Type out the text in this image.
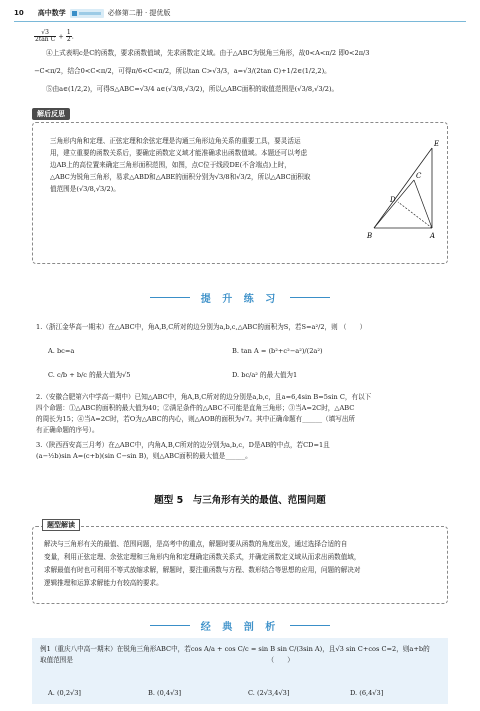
10 高中数学	必修第二册 · 提优版
$\frac{√3}{\text{2tan C}} + \frac{1}{2}$ .
④上式表明c是C的函数，要求函数值域，先求函数定义域。由于△ABC为锐角三角形，故0<A<π/2 即0<2π/3
−C<π/2，结合0<C<π/2，可得π/6<C<π/2，所以tan C>√3/3，a=√3/(2tan C)+1/2∈(1/2,2)。
⑤由a∈(1/2,2)，可得S△ABC=√3/4 a∈(√3/8,√3/2)，所以△ABC面积的取值范围是(√3/8,√3/2)。
解后反思
三角形内角和定理、正弦定理和余弦定理是沟通三角形边角关系的重要工具，要灵活运
用，建立重要的函数关系后，要确定函数定义域才能准确求出函数值域。本题还可以考虑
边AB上的高位置来确定三角形面积范围，如图，点C位于线段DE(不含端点)上时，
△ABC为锐角三角形，易求△ABD和△ABE的面积分别为√3/8和√3/2，所以△ABC面积取
值范围是(√3/8,√3/2)。
E
C
D
B	A
提 升 练 习
1.（浙江金华高一期末）在△ABC中，角A,B,C所对的边分别为a,b,c,△ABC的面积为S，若S=a²/2，则 （　　）
A. bc=a	B. tan A = (b²+c²−a²)/(2a²)
C. c/b + b/c 的最大值为√5	D. bc/a² 的最大值为1
2.（安徽合肥第六中学高一期中）已知△ABC中，角A,B,C所对的边分别是a,b,c，且a=6,4sin B=5sin C，有以下
四个命题：①△ABC的面积的最大值为40；②满足条件的△ABC不可能是直角三角形；③当A=2C时，△ABC
的周长为15；④当A=2C时，若O为△ABC的内心，则△AOB的面积为√7。其中正确命题有______（填写出所
有正确命题的序号）。
3.（陕西西安高三月考）在△ABC中，内角A,B,C所对的边分别为a,b,c，D是AB的中点，若CD=1且
(a−½b)sin A=(c+b)(sin C−sin B)，则△ABC面积的最大值是______。
题型 5　与三角形有关的最值、范围问题
题型解读
解决与三角形有关的最值、范围问题，是高考中的重点，解题时要从函数的角度出发，通过选择合适的自
变量，利用正弦定理、余弦定理和三角形内角和定理确定函数关系式，并确定函数定义域从而求出函数值域，
求解最值有时也可利用不等式放缩求解，解题时，要注重函数与方程、数形结合等思想的应用，问题的解决对
逻辑推理和运算求解能力有较高的要求。
经 典 剖 析
例1（重庆八中高一期末）在锐角三角形ABC中，若cos A/a + cos C/c = sin B sin C/(3sin A)，且√3 sin C+cos C=2，则a+b的
取值范围是　　　　　　　　　　　　　　　　　　　　　　　　　　　　　　（　　）
A. (0,2√3]	B. (0,4√3]	C. (2√3,4√3]	D. (6,4√3]
